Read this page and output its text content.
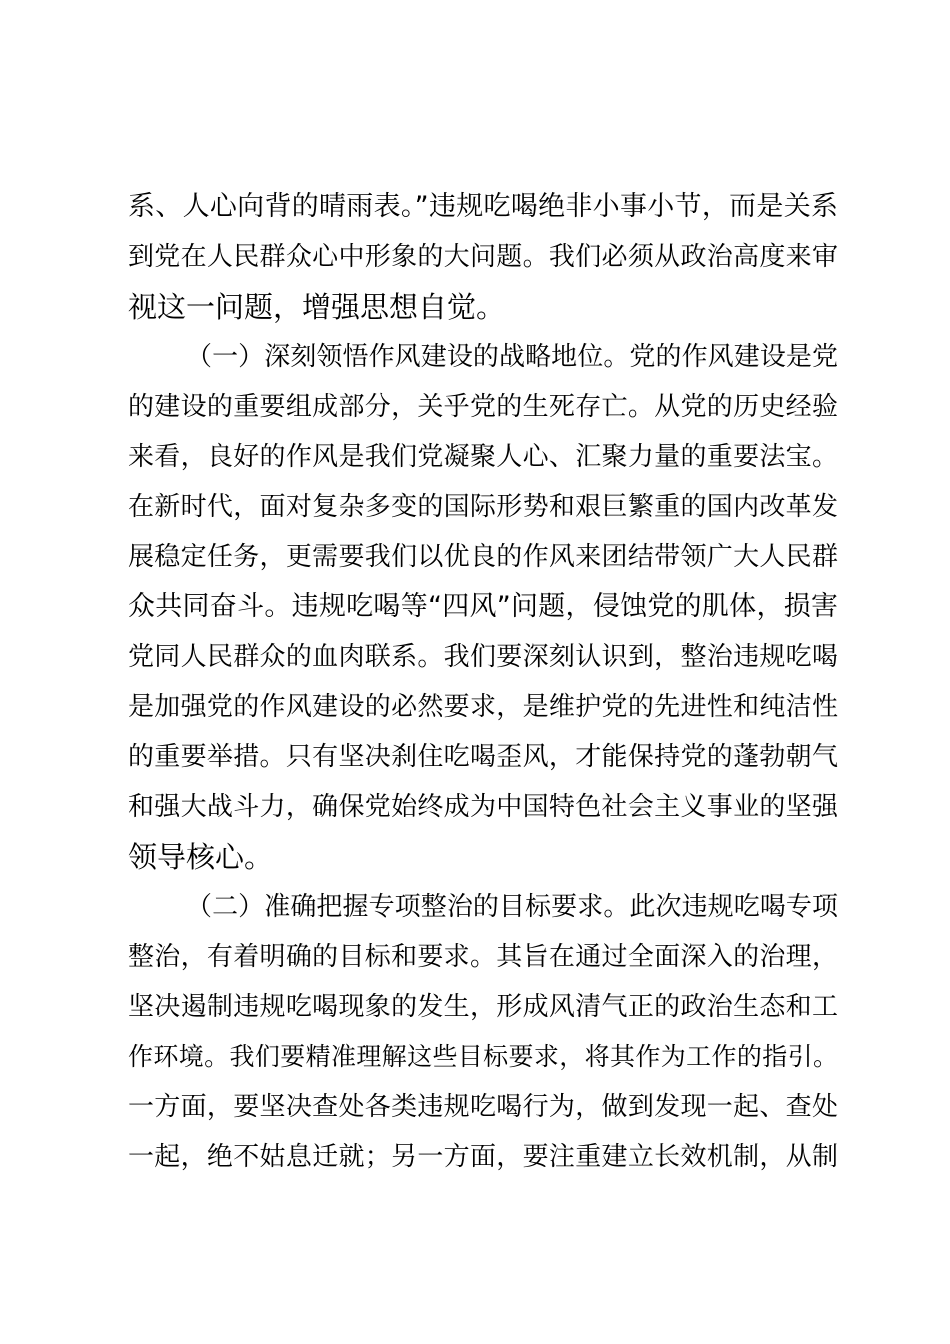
系、人心向背的晴雨表。”违规吃喝绝非小事小节，而是关系
到党在人民群众心中形象的大问题。我们必须从政治高度来审
视这一问题，增强思想自觉。
（一）深刻领悟作风建设的战略地位。党的作风建设是党
的建设的重要组成部分，关乎党的生死存亡。从党的历史经验
来看，良好的作风是我们党凝聚人心、汇聚力量的重要法宝。
在新时代，面对复杂多变的国际形势和艰巨繁重的国内改革发
展稳定任务，更需要我们以优良的作风来团结带领广大人民群
众共同奋斗。违规吃喝等“四风”问题，侵蚀党的肌体，损害
党同人民群众的血肉联系。我们要深刻认识到，整治违规吃喝
是加强党的作风建设的必然要求，是维护党的先进性和纯洁性
的重要举措。只有坚决刹住吃喝歪风，才能保持党的蓬勃朝气
和强大战斗力，确保党始终成为中国特色社会主义事业的坚强
领导核心。
（二）准确把握专项整治的目标要求。此次违规吃喝专项
整治，有着明确的目标和要求。其旨在通过全面深入的治理，
坚决遏制违规吃喝现象的发生，形成风清气正的政治生态和工
作环境。我们要精准理解这些目标要求，将其作为工作的指引。
一方面，要坚决查处各类违规吃喝行为，做到发现一起、查处
一起，绝不姑息迁就；另一方面，要注重建立长效机制，从制
